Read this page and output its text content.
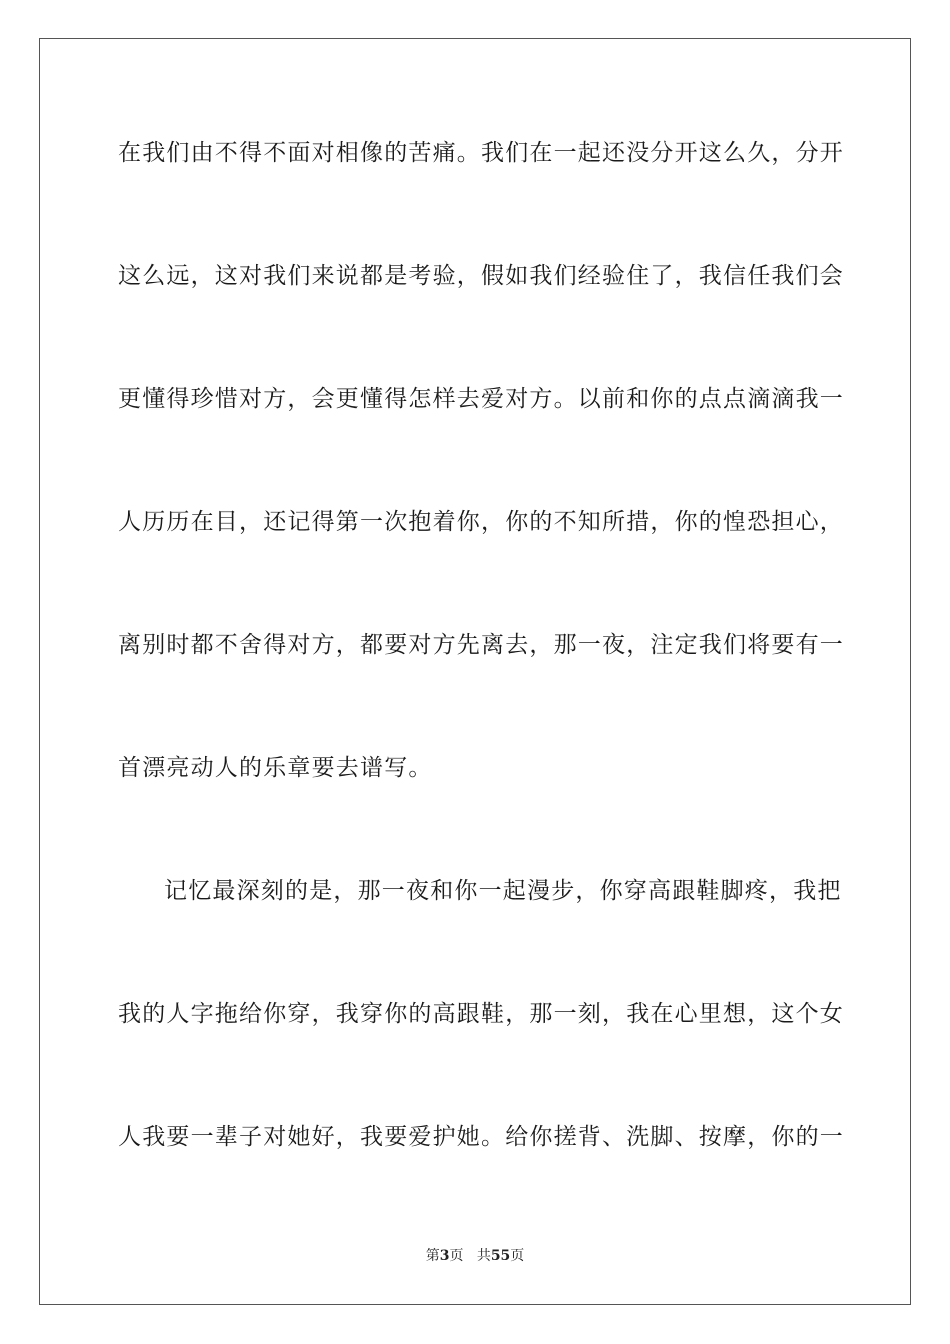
在我们由不得不面对相像的苦痛。我们在一起还没分开这么久，分开
这么远，这对我们来说都是考验，假如我们经验住了，我信任我们会
更懂得珍惜对方，会更懂得怎样去爱对方。以前和你的点点滴滴我一
人历历在目，还记得第一次抱着你，你的不知所措，你的惶恐担心，
离别时都不舍得对方，都要对方先离去，那一夜，注定我们将要有一
首漂亮动人的乐章要去谱写。
记忆最深刻的是，那一夜和你一起漫步，你穿高跟鞋脚疼，我把
我的人字拖给你穿，我穿你的高跟鞋，那一刻，我在心里想，这个女
人我要一辈子对她好，我要爱护她。给你搓背、洗脚、按摩，你的一
第3页 共55页
